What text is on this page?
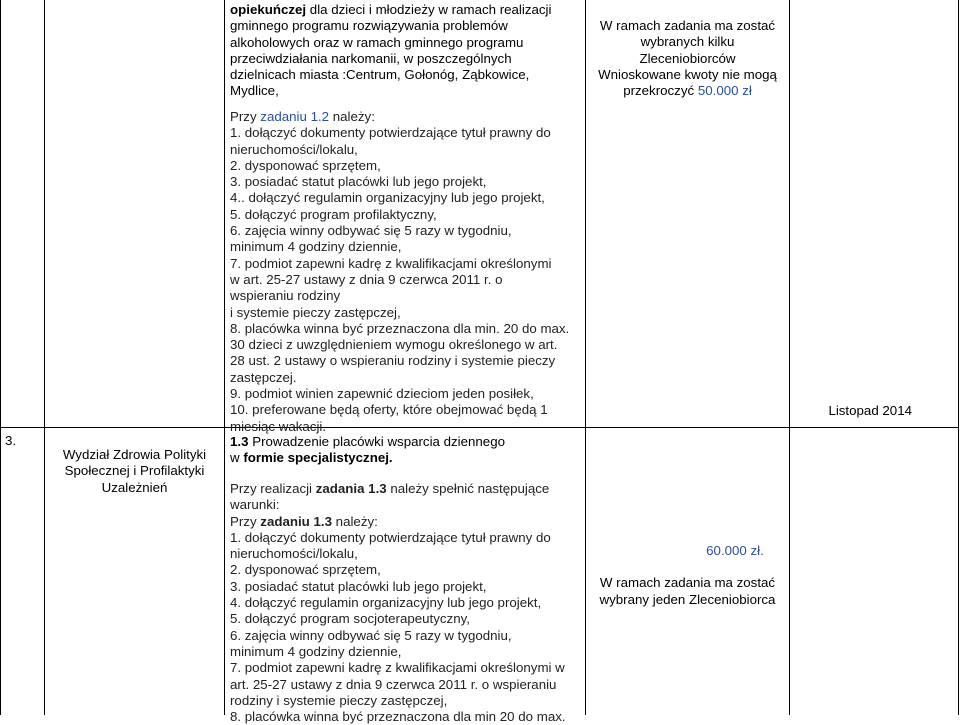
opiekuńczej dla dzieci i młodzieży w ramach realizacji
gminnego programu rozwiązywania problemów
alkoholowych oraz w ramach gminnego programu
przeciwdziałania narkomanii, w poszczególnych
dzielnicach miasta :Centrum, Gołonóg, Ząbkowice,
Mydlice,
Przy zadaniu 1.2 należy:
1. dołączyć dokumenty potwierdzające tytuł prawny do
nieruchomości/lokalu,
2. dysponować sprzętem,
3. posiadać statut placówki lub jego projekt,
4.. dołączyć regulamin organizacyjny lub jego projekt,
5. dołączyć program profilaktyczny,
6. zajęcia winny odbywać się 5 razy w tygodniu,
minimum 4 godziny dziennie,
7. podmiot zapewni kadrę z kwalifikacjami określonymi
w art. 25-27 ustawy z dnia 9 czerwca 2011 r. o
wspieraniu rodziny
i systemie pieczy zastępczej,
8. placówka winna być przeznaczona dla min. 20 do max.
30 dzieci z uwzględnieniem wymogu określonego w art.
28 ust. 2 ustawy o wspieraniu rodziny i systemie pieczy
zastępczej.
9. podmiot winien zapewnić dzieciom jeden posiłek,
10. preferowane będą oferty, które obejmować będą 1
miesiąc wakacji.
W ramach zadania ma zostać
wybranych kilku
Zleceniobiorców
Wnioskowane kwoty nie mogą
przekroczyć 50.000 zł
Listopad 2014
3.
Wydział Zdrowia Polityki
Społecznej i Profilaktyki
Uzależnień
1.3 Prowadzenie placówki wsparcia dziennego
w formie specjalistycznej.
Przy realizacji zadania 1.3 należy spełnić następujące
warunki:
Przy zadaniu 1.3 należy:
1. dołączyć dokumenty potwierdzające tytuł prawny do
nieruchomości/lokalu,
2. dysponować sprzętem,
3. posiadać statut placówki lub jego projekt,
4. dołączyć regulamin organizacyjny lub jego projekt,
5. dołączyć program socjoterapeutyczny,
6. zajęcia winny odbywać się 5 razy w tygodniu,
minimum 4 godziny dziennie,
7. podmiot zapewni kadrę z kwalifikacjami określonymi w
art. 25-27 ustawy z dnia 9 czerwca 2011 r. o wspieraniu
rodziny i systemie pieczy zastępczej,
8. placówka winna być przeznaczona dla min 20 do max.
60.000 zł.
W ramach zadania ma zostać
wybrany jeden Zleceniobiorca
